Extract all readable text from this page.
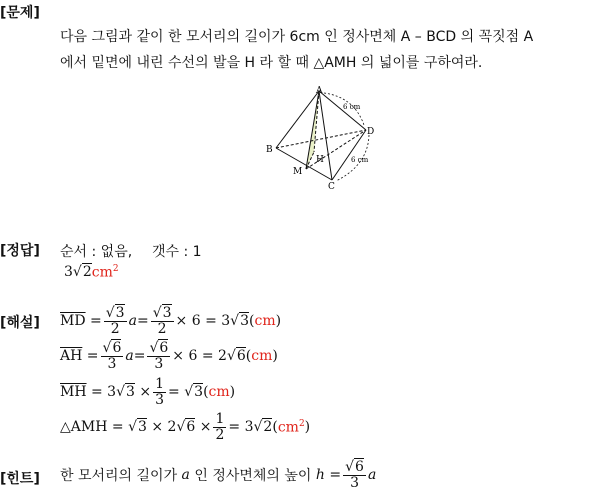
[문제]
다음 그림과 같이 한 모서리의 길이가 6cm 인 정사면체 A – BCD 의 꼭짓점 A
에서 밑면에 내린 수선의 발을 H 라 할 때 △AMH 의 넓이를 구하여라.
A
B
C
D
H
M
6 cm
6 cm
[정답] 순서 : 없음, 갯수 : 1
3 √2 $cm^2$
[해설] $\overline{MD}$
= $\frac{√3}{2}$ $a = \frac{√3}{2} \times 6 = 3$ √3 ( cm )
$\overline{AH}$
= $\frac{√6}{3}$ $a = \frac{√6}{3} \times 6 = 2$ √6 ( cm )
$\overline{MH}$
= 3 √3
× $\frac{1}{3}$ =
√3 ( cm )
△AMH =
√3
× 2 √6
× $\frac{1}{2} = 3$ √2 ( $cm^2$ )
[힌트] 한 모서리의 길이가
a
인 정사면체의 높이
h
= $\frac{√6}{3}$ a
